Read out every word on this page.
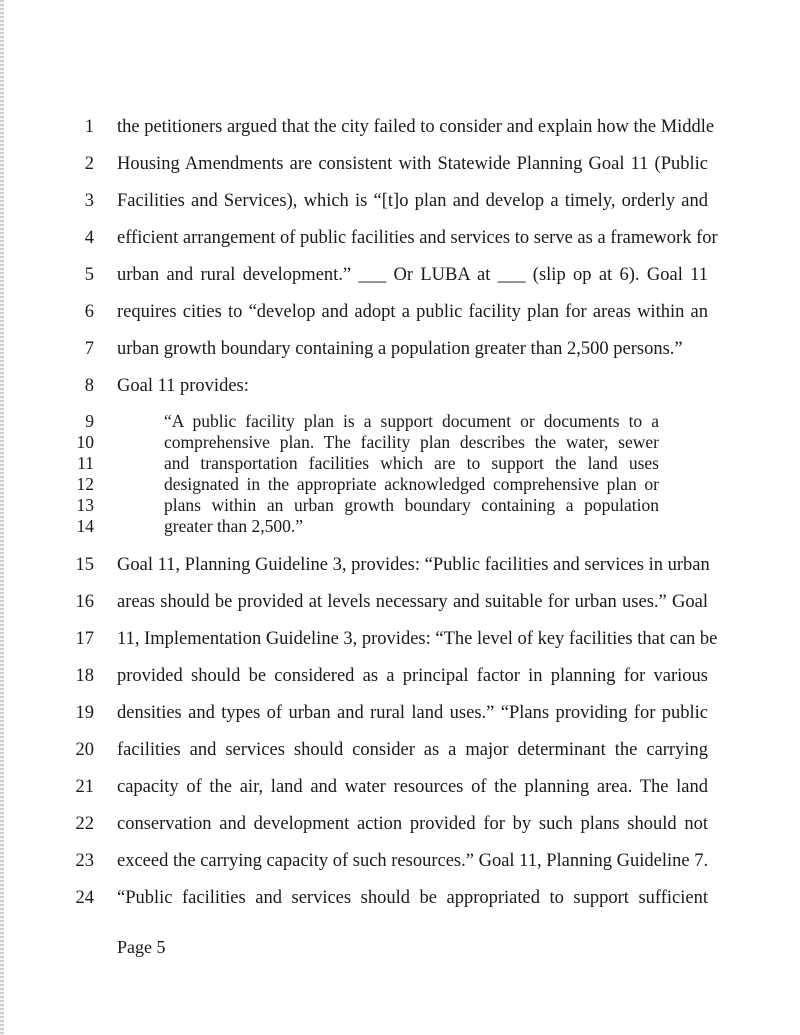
1 the petitioners argued that the city failed to consider and explain how the Middle
2 Housing Amendments are consistent with Statewide Planning Goal 11 (Public
3 Facilities and Services), which is “[t]o plan and develop a timely, orderly and
4 efficient arrangement of public facilities and services to serve as a framework for
5 urban and rural development.” ___ Or LUBA at ___ (slip op at 6). Goal 11
6 requires cities to “develop and adopt a public facility plan for areas within an
7 urban growth boundary containing a population greater than 2,500 persons.”
8 Goal 11 provides:
9	“A public facility plan is a support document or documents to a
10	comprehensive plan. The facility plan describes the water, sewer
11	and transportation facilities which are to support the land uses
12	designated in the appropriate acknowledged comprehensive plan or
13	plans within an urban growth boundary containing a population
14	greater than 2,500.”
15 Goal 11, Planning Guideline 3, provides: “Public facilities and services in urban
16 areas should be provided at levels necessary and suitable for urban uses.” Goal
17 11, Implementation Guideline 3, provides: “The level of key facilities that can be
18 provided should be considered as a principal factor in planning for various
19 densities and types of urban and rural land uses.” “Plans providing for public
20 facilities and services should consider as a major determinant the carrying
21 capacity of the air, land and water resources of the planning area. The land
22 conservation and development action provided for by such plans should not
23 exceed the carrying capacity of such resources.” Goal 11, Planning Guideline 7.
24 “Public facilities and services should be appropriated to support sufficient
Page 5
